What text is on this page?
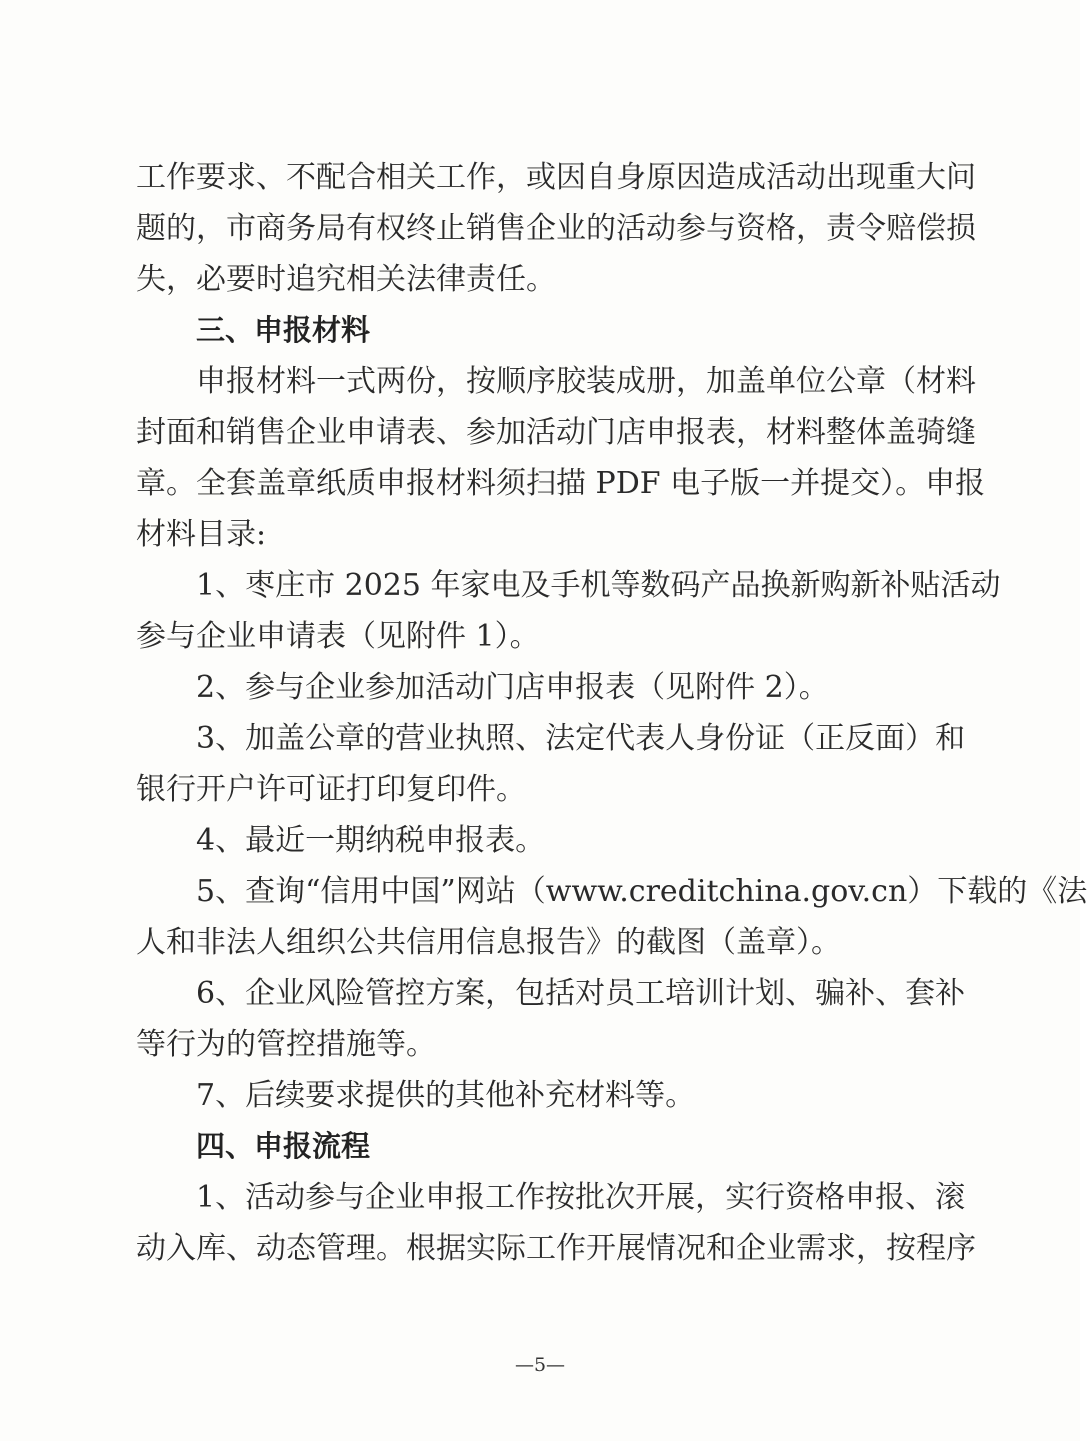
工作要求、不配合相关工作，或因自身原因造成活动出现重大问
题的，市商务局有权终止销售企业的活动参与资格，责令赔偿损
失，必要时追究相关法律责任。
三、申报材料
申报材料一式两份，按顺序胶装成册，加盖单位公章（材料
封面和销售企业申请表、参加活动门店申报表，材料整体盖骑缝
章。全套盖章纸质申报材料须扫描 PDF 电子版一并提交）。申报
材料目录:
1、枣庄市 2025 年家电及手机等数码产品换新购新补贴活动
参与企业申请表（见附件 1）。
2、参与企业参加活动门店申报表（见附件 2）。
3、加盖公章的营业执照、法定代表人身份证（正反面）和
银行开户许可证打印复印件。
4、最近一期纳税申报表。
5、查询“信用中国”网站（www.creditchina.gov.cn）下载的《法
人和非法人组织公共信用信息报告》的截图（盖章）。
6、企业风险管控方案，包括对员工培训计划、骗补、套补
等行为的管控措施等。
7、后续要求提供的其他补充材料等。
四、申报流程
1、活动参与企业申报工作按批次开展，实行资格申报、滚
动入库、动态管理。根据实际工作开展情况和企业需求，按程序
—5—
